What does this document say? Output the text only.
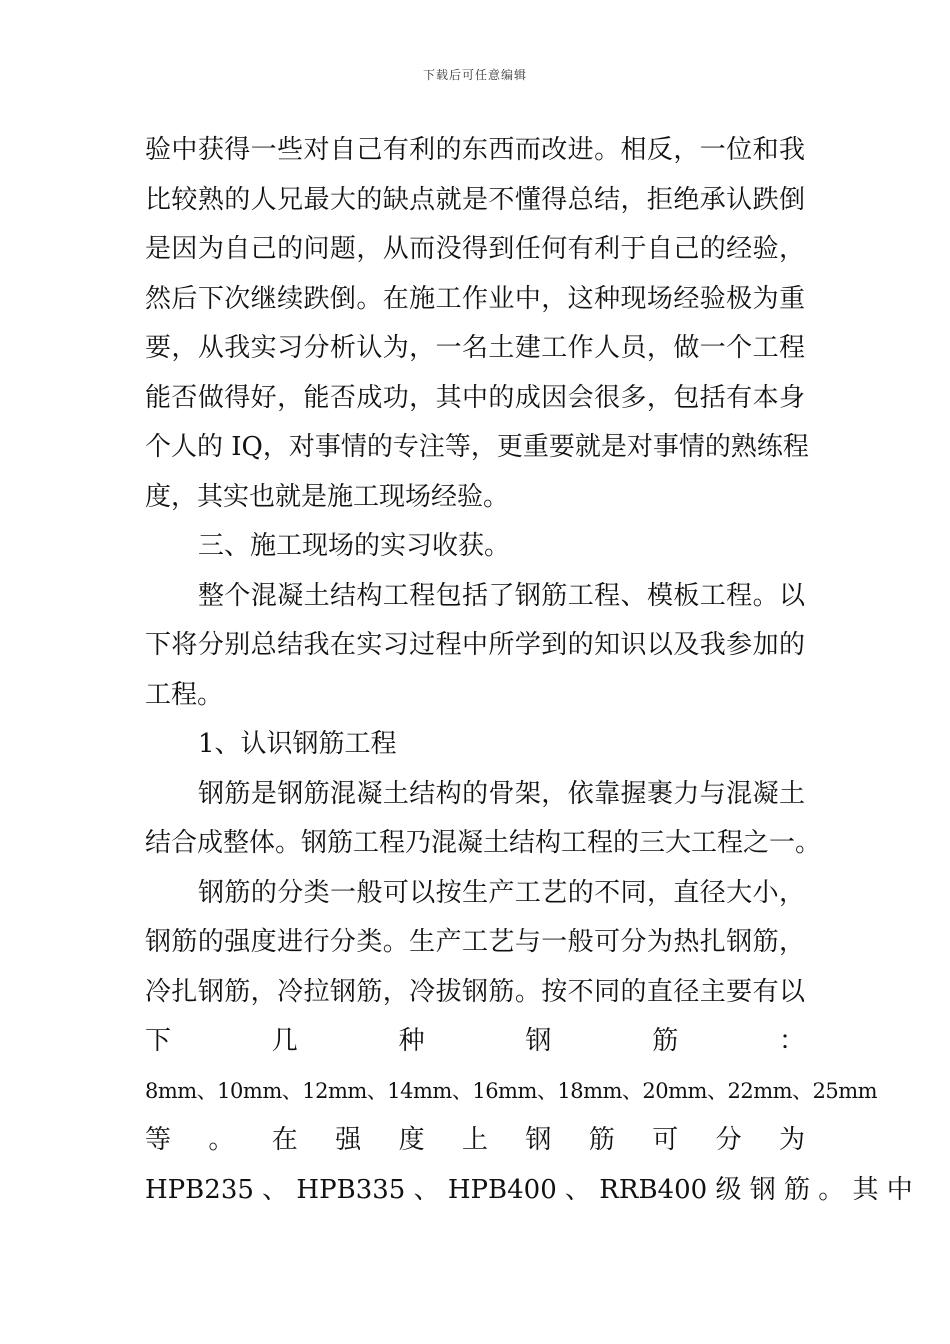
下载后可任意编辑
验中获得一些对自己有利的东西而改进。相反，一位和我
比较熟的人兄最大的缺点就是不懂得总结，拒绝承认跌倒
是因为自己的问题，从而没得到任何有利于自己的经验，
然后下次继续跌倒。在施工作业中，这种现场经验极为重
要，从我实习分析认为，一名土建工作人员，做一个工程
能否做得好，能否成功，其中的成因会很多，包括有本身
个人的 IQ，对事情的专注等，更重要就是对事情的熟练程
度，其实也就是施工现场经验。
三、施工现场的实习收获。
整个混凝土结构工程包括了钢筋工程、模板工程。以
下将分别总结我在实习过程中所学到的知识以及我参加的
工程。
1、认识钢筋工程
钢筋是钢筋混凝土结构的骨架，依靠握裹力与混凝土
结合成整体。钢筋工程乃混凝土结构工程的三大工程之一。
钢筋的分类一般可以按生产工艺的不同，直径大小，
钢筋的强度进行分类。生产工艺与一般可分为热扎钢筋，
冷扎钢筋，冷拉钢筋，冷拔钢筋。按不同的直径主要有以
下 几 种 钢 筋 ：
8mm、10mm、12mm、14mm、16mm、18mm、20mm、22mm、25mm
等 。 在 强 度 上 钢 筋 可 分 为
HPB235 、 HPB335 、 HPB400 、 RRB400 级 钢 筋 。 其 中
